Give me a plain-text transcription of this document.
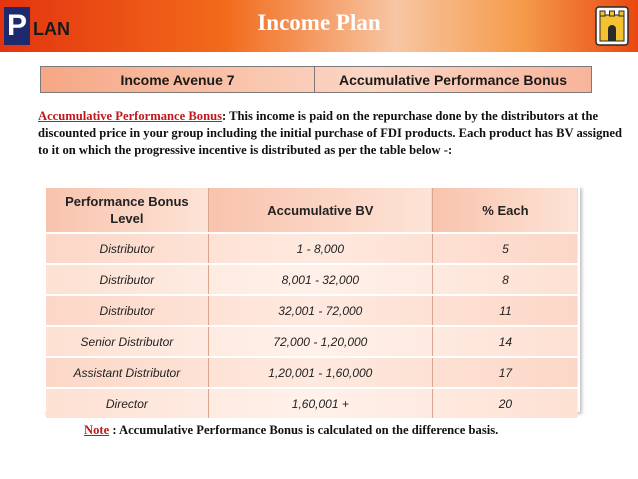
P LAN	Income Plan
Income Avenue 7	Accumulative Performance Bonus
Accumulative Performance Bonus: This income is paid on the repurchase done by the distributors at the discounted price in your group including the initial purchase of FDI products. Each product has BV assigned to it on which the progressive incentive is distributed as per the table below -:
Performance Bonus Level	Accumulative BV	% Each
Distributor	1 - 8,000	5
Distributor	8,001 - 32,000	8
Distributor	32,001 - 72,000	11
Senior Distributor	72,000 - 1,20,000	14
Assistant Distributor	1,20,001 - 1,60,000	17
Director	1,60,001 +	20
Note : Accumulative Performance Bonus is calculated on the difference basis.
